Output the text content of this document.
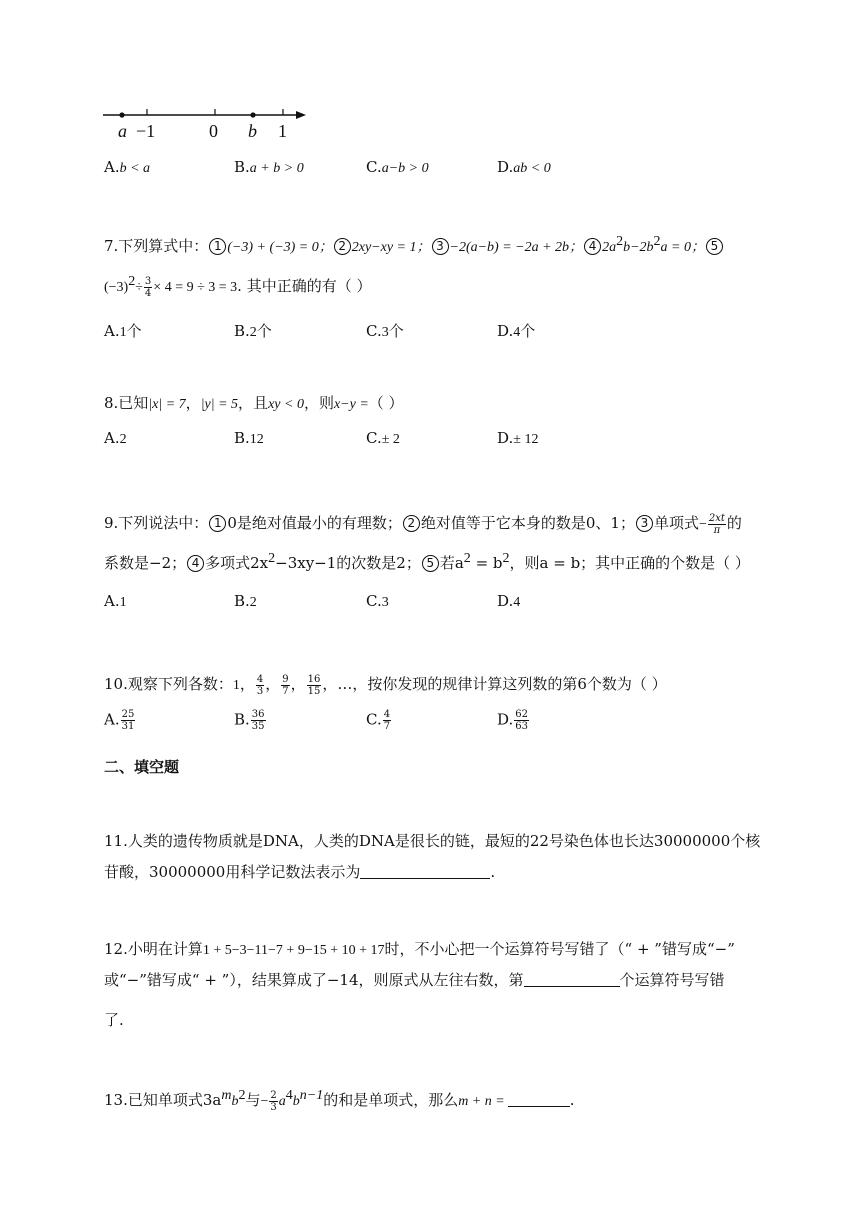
a −1	0 b 1
A.b < a	B.a + b > 0	C.a−b > 0	D.ab < 0
7.下列算式中： 1 (−3) + (−3) = 0； 2 2xy−xy = 1； 3 −2(a−b) = −2a + 2b； 4 $2a^2b-2b^2a = 0$； 5
$(-3)^2\div \frac{3}{4} \times 4 = 9 \div 3 = 3$. 其中正确的有（ ）
A.1个	B.2个	C.3个	D.4个
8.已知|x| = 7，|y| = 5，且xy < 0，则x−y =（ ）
A.2	B.12	C.± 2	D.± 12
9.下列说法中： 1 0是绝对值最小的有理数； 2 绝对值等于它本身的数是0、1； 3 单项式− $\frac{2xt}{\pi}$ 的
系数是−2； 4 多项式$2x^2-3xy-1$的次数是2； 5 若$a^2 = b^2$，则a = b；其中正确的个数是（ ）
A.1	B.2	C.3	D.4
10.观察下列各数：1， $\frac{4}{3}$ ， $\frac{9}{7}$ ， $\frac{16}{15}$ ，…，按你发现的规律计算这列数的第6个数为（ ）
A. $\frac{25}{31}$	B. $\frac{36}{35}$	C. $\frac{4}{7}$	D. $\frac{62}{63}$
二、填空题
11.人类的遗传物质就是DNA，人类的DNA是很长的链，最短的22号染色体也长达30000000个核
苷酸，30000000用科学记数法表示为	.
12.小明在计算1 + 5−3−11−7 + 9−15 + 10 + 17时，不小心把一个运算符号写错了（“ + ”错写成“−”
或“−”错写成“ + ”），结果算成了−14，则原式从左往右数，第	个运算符号写错
了.
13.已知单项式$3a^mb^2$与− $\frac{2}{3} a^4b^{n-1}$的和是单项式，那么m + n =	.
